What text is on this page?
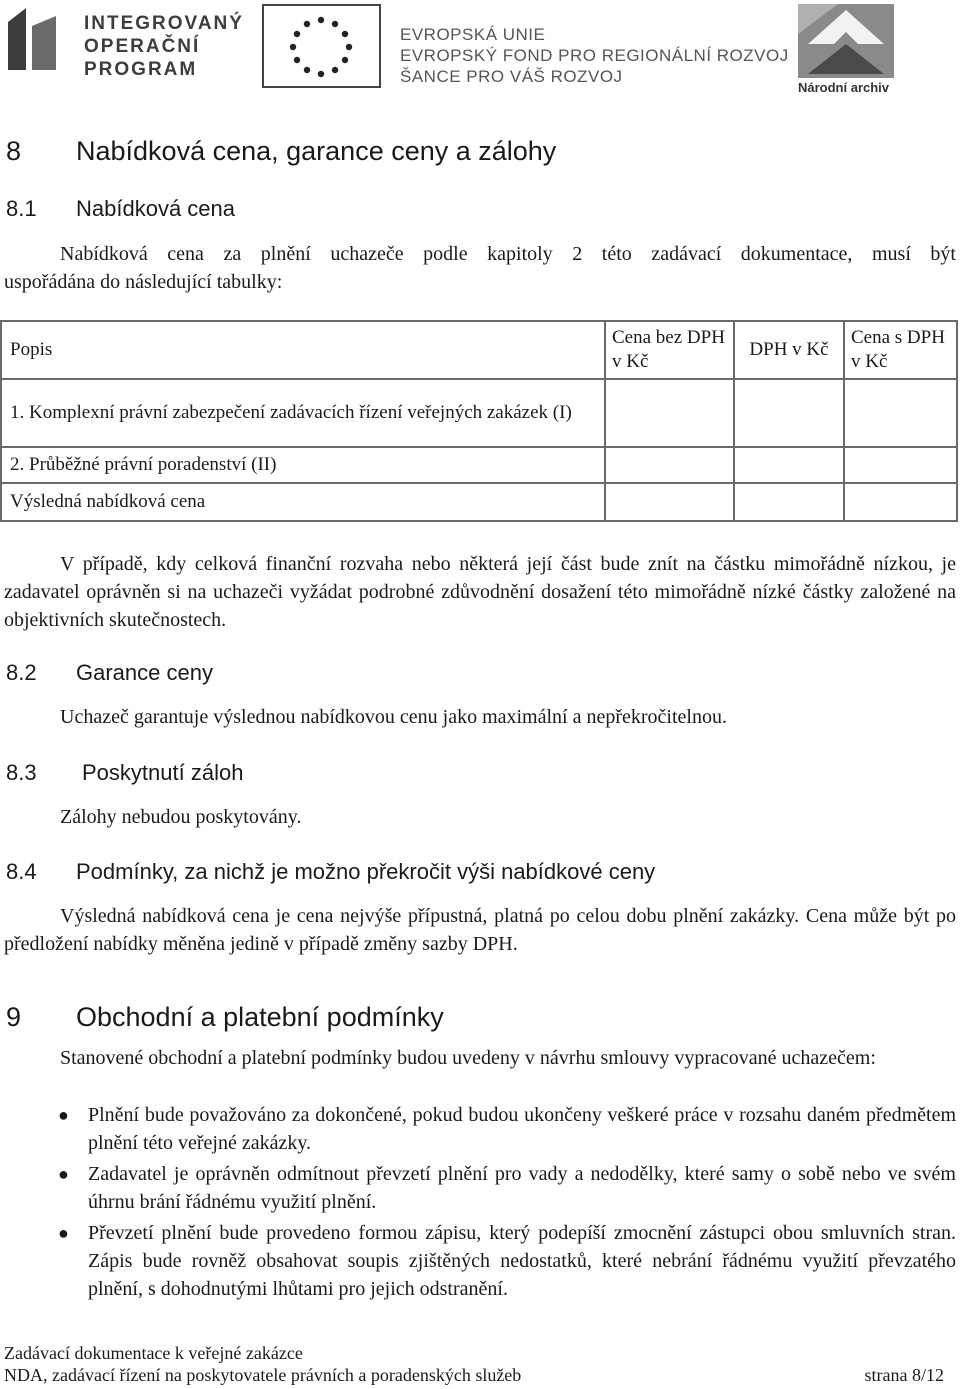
INTEGROVANÝ
OPERAČNÍ
PROGRAM
EVROPSKÁ UNIE
EVROPSKÝ FOND PRO REGIONÁLNÍ ROZVOJ
ŠANCE PRO VÁŠ ROZVOJ
Národní archiv
8 Nabídková cena, garance ceny a zálohy
8.1 Nabídková cena
Nabídková cena za plnění uchazeče podle kapitoly 2 této zadávací dokumentace, musí být
uspořádána do následující tabulky:
Popis	Cena bez DPH v Kč	DPH v Kč	Cena s DPH v Kč

1. Komplexní právní zabezpečení zadávacích řízení veřejných zakázek (I)			

2. Průběžné právní poradenství (II)			
Výsledná nabídková cena			
V případě, kdy celková finanční rozvaha nebo některá její část bude znít na částku mimořádně nízkou, je zadavatel oprávněn si na uchazeči vyžádat podrobné zdůvodnění dosažení této mimořádně nízké částky založené na objektivních skutečnostech.
8.2 Garance ceny
Uchazeč garantuje výslednou nabídkovou cenu jako maximální a nepřekročitelnou.
8.3 Poskytnutí záloh
Zálohy nebudou poskytovány.
8.4 Podmínky, za nichž je možno překročit výši nabídkové ceny
Výsledná nabídková cena je cena nejvýše přípustná, platná po celou dobu plnění zakázky. Cena může být po předložení nabídky měněna jedině v případě změny sazby DPH.
9 Obchodní a platební podmínky
Stanovené obchodní a platební podmínky budou uvedeny v návrhu smlouvy vypracované uchazečem:
● Plnění bude považováno za dokončené, pokud budou ukončeny veškeré práce v rozsahu daném předmětem plnění této veřejné zakázky.
● Zadavatel je oprávněn odmítnout převzetí plnění pro vady a nedodělky, které samy o sobě nebo ve svém úhrnu brání řádnému využití plnění.
● Převzetí plnění bude provedeno formou zápisu, který podepíší zmocnění zástupci obou smluvních stran. Zápis bude rovněž obsahovat soupis zjištěných nedostatků, které nebrání řádnému využití převzatého plnění, s dohodnutými lhůtami pro jejich odstranění.
Zadávací dokumentace k veřejné zakázce
NDA, zadávací řízení na poskytovatele právních a poradenských služeb	strana 8/12
